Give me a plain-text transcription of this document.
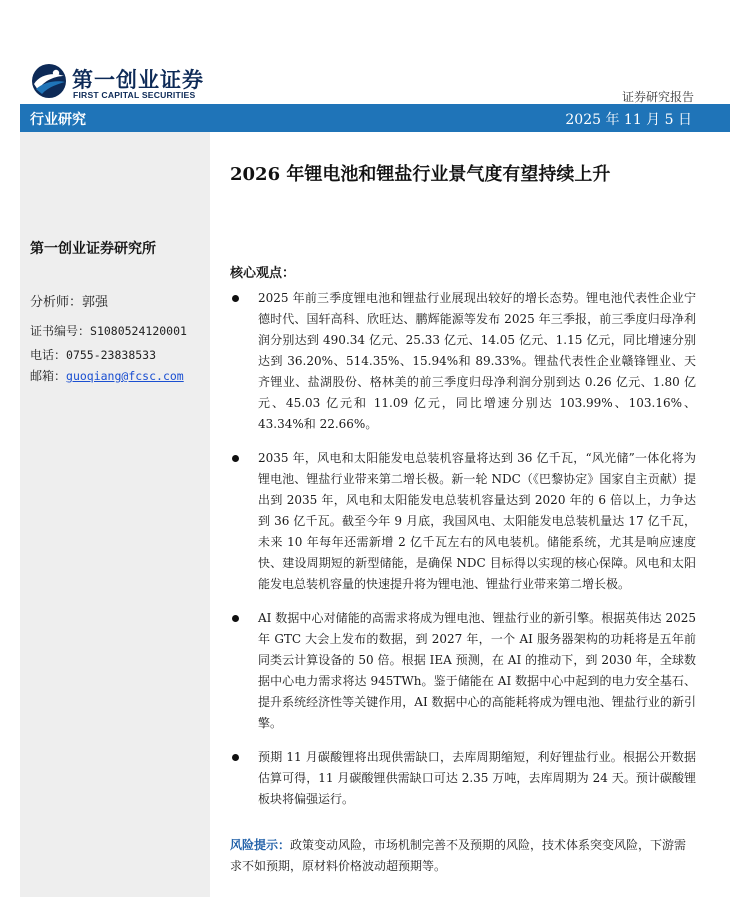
第一创业证券
FIRST CAPITAL SECURITIES	证券研究报告
行业研究	2025 年 11 月 5 日
第一创业证券研究所
分析师：郭强
证书编号：S1080524120001
电话：0755-23838533
邮箱：guoqiang@fcsc.com
2026 年锂电池和锂盐行业景气度有望持续上升
核心观点：
2025 年前三季度锂电池和锂盐行业展现出较好的增长态势。锂电池代表性企业宁德时代、国轩高科、欣旺达、鹏辉能源等发布 2025 年三季报，前三季度归母净利润分别达到 490.34 亿元、25.33 亿元、14.05 亿元、1.15 亿元，同比增速分别达到 36.20%、514.35%、15.94%和 89.33%。锂盐代表性企业赣锋锂业、天齐锂业、盐湖股份、格林美的前三季度归母净利润分别到达 0.26 亿元、1.80 亿元、45.03 亿元和 11.09 亿元，同比增速分别达 103.99%、103.16%、43.34%和 22.66%。
2035 年，风电和太阳能发电总装机容量将达到 36 亿千瓦，“风光储”一体化将为锂电池、锂盐行业带来第二增长极。新一轮 NDC（《巴黎协定》国家自主贡献）提出到 2035 年，风电和太阳能发电总装机容量达到 2020 年的 6 倍以上，力争达到 36 亿千瓦。截至今年 9 月底，我国风电、太阳能发电总装机量达 17 亿千瓦，未来 10 年每年还需新增 2 亿千瓦左右的风电装机。储能系统，尤其是响应速度快、建设周期短的新型储能，是确保 NDC 目标得以实现的核心保障。风电和太阳能发电总装机容量的快速提升将为锂电池、锂盐行业带来第二增长极。
AI 数据中心对储能的高需求将成为锂电池、锂盐行业的新引擎。根据英伟达 2025 年 GTC 大会上发布的数据，到 2027 年，一个 AI 服务器架构的功耗将是五年前同类云计算设备的 50 倍。根据 IEA 预测，在 AI 的推动下，到 2030 年，全球数据中心电力需求将达 945TWh。鉴于储能在 AI 数据中心中起到的电力安全基石、提升系统经济性等关键作用，AI 数据中心的高能耗将成为锂电池、锂盐行业的新引擎。
预期 11 月碳酸锂将出现供需缺口，去库周期缩短，利好锂盐行业。根据公开数据估算可得，11 月碳酸锂供需缺口可达 2.35 万吨，去库周期为 24 天。预计碳酸锂板块将偏强运行。
风险提示：政策变动风险，市场机制完善不及预期的风险，技术体系突变风险，下游需求不如预期，原材料价格波动超预期等。
